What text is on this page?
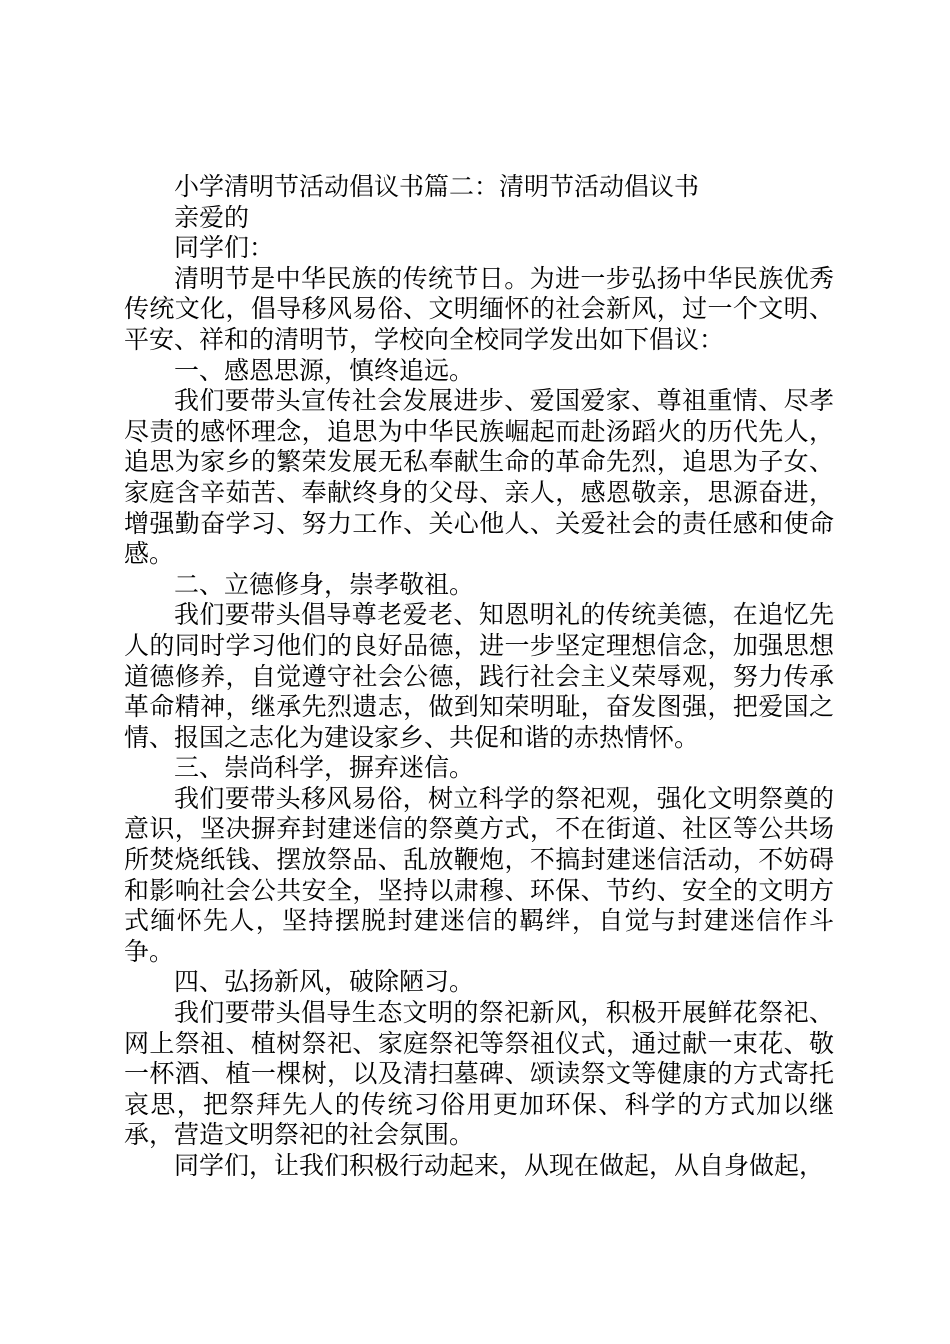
小学清明节活动倡议书篇二：清明节活动倡议书

亲爱的

同学们：

清明节是中华民族的传统节日。为进一步弘扬中华民族优秀传统文化，倡导移风易俗、文明缅怀的社会新风，过一个文明、平安、祥和的清明节，学校向全校同学发出如下倡议：

一、感恩思源，慎终追远。

我们要带头宣传社会发展进步、爱国爱家、尊祖重情、尽孝尽责的感怀理念，追思为中华民族崛起而赴汤蹈火的历代先人，追思为家乡的繁荣发展无私奉献生命的革命先烈，追思为子女、家庭含辛茹苦、奉献终身的父母、亲人，感恩敬亲，思源奋进，增强勤奋学习、努力工作、关心他人、关爱社会的责任感和使命感。

二、立德修身，崇孝敬祖。

我们要带头倡导尊老爱老、知恩明礼的传统美德，在追忆先人的同时学习他们的良好品德，进一步坚定理想信念，加强思想道德修养，自觉遵守社会公德，践行社会主义荣辱观，努力传承革命精神，继承先烈遗志，做到知荣明耻，奋发图强，把爱国之情、报国之志化为建设家乡、共促和谐的赤热情怀。

三、崇尚科学，摒弃迷信。

我们要带头移风易俗，树立科学的祭祀观，强化文明祭奠的意识，坚决摒弃封建迷信的祭奠方式，不在街道、社区等公共场所焚烧纸钱、摆放祭品、乱放鞭炮，不搞封建迷信活动，不妨碍和影响社会公共安全，坚持以肃穆、环保、节约、安全的文明方式缅怀先人，坚持摆脱封建迷信的羁绊，自觉与封建迷信作斗争。

四、弘扬新风，破除陋习。

我们要带头倡导生态文明的祭祀新风，积极开展鲜花祭祀、网上祭祖、植树祭祀、家庭祭祀等祭祖仪式，通过献一束花、敬一杯酒、植一棵树，以及清扫墓碑、颂读祭文等健康的方式寄托哀思，把祭拜先人的传统习俗用更加环保、科学的方式加以继承，营造文明祭祀的社会氛围。

同学们，让我们积极行动起来，从现在做起，从自身做起，
